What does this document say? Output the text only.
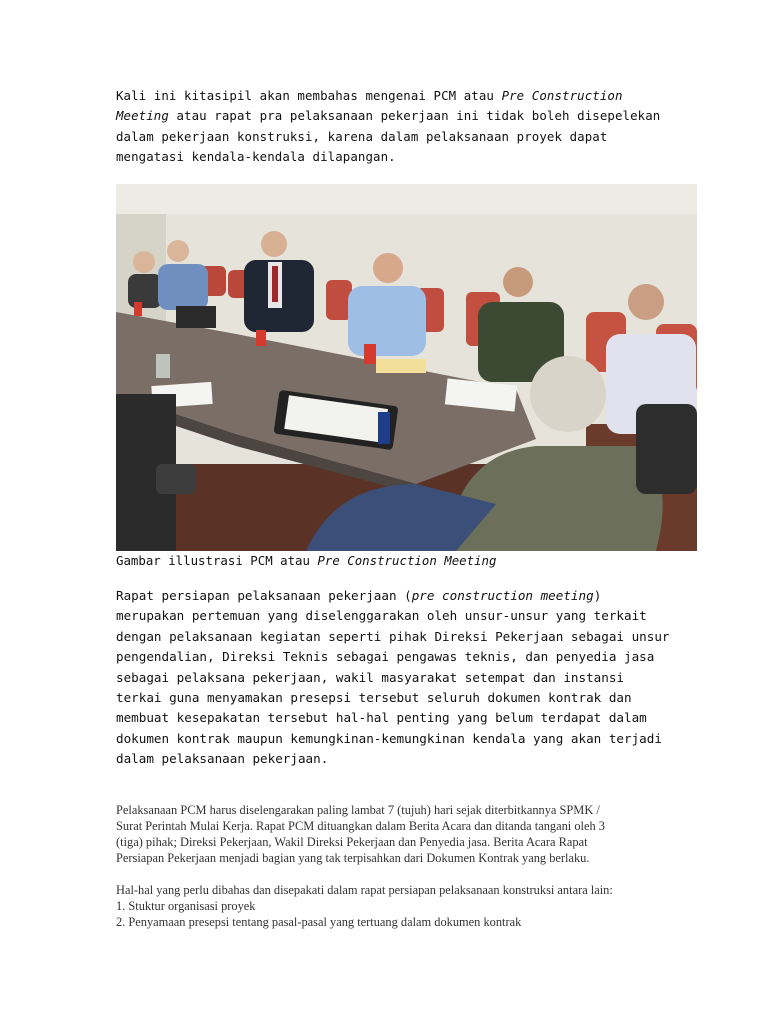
Kali ini kitasipil akan membahas mengenai PCM atau Pre Construction
Meeting atau rapat pra pelaksanaan pekerjaan ini tidak boleh disepelekan
dalam pekerjaan konstruksi, karena dalam pelaksanaan proyek dapat
mengatasi kendala-kendala dilapangan.
Gambar illustrasi PCM atau Pre Construction Meeting
Rapat persiapan pelaksanaan pekerjaan (pre construction meeting)
merupakan pertemuan yang diselenggarakan oleh unsur-unsur yang terkait
dengan pelaksanaan kegiatan seperti pihak Direksi Pekerjaan sebagai unsur
pengendalian, Direksi Teknis sebagai pengawas teknis, dan penyedia jasa
sebagai pelaksana pekerjaan, wakil masyarakat setempat dan instansi
terkai guna menyamakan presepsi tersebut seluruh dokumen kontrak dan
membuat kesepakatan tersebut hal-hal penting yang belum terdapat dalam
dokumen kontrak maupun kemungkinan-kemungkinan kendala yang akan terjadi
dalam pelaksanaan pekerjaan.
Pelaksanaan PCM harus diselengarakan paling lambat 7 (tujuh) hari sejak diterbitkannya SPMK /
Surat Perintah Mulai Kerja. Rapat PCM dituangkan dalam Berita Acara dan ditanda tangani oleh 3
(tiga) pihak; Direksi Pekerjaan, Wakil Direksi Pekerjaan dan Penyedia jasa. Berita Acara Rapat
Persiapan Pekerjaan menjadi bagian yang tak terpisahkan dari Dokumen Kontrak yang berlaku.
Hal-hal yang perlu dibahas dan disepakati dalam rapat persiapan pelaksanaan konstruksi antara lain:
1. Stuktur organisasi proyek
2. Penyamaan presepsi tentang pasal-pasal yang tertuang dalam dokumen kontrak
